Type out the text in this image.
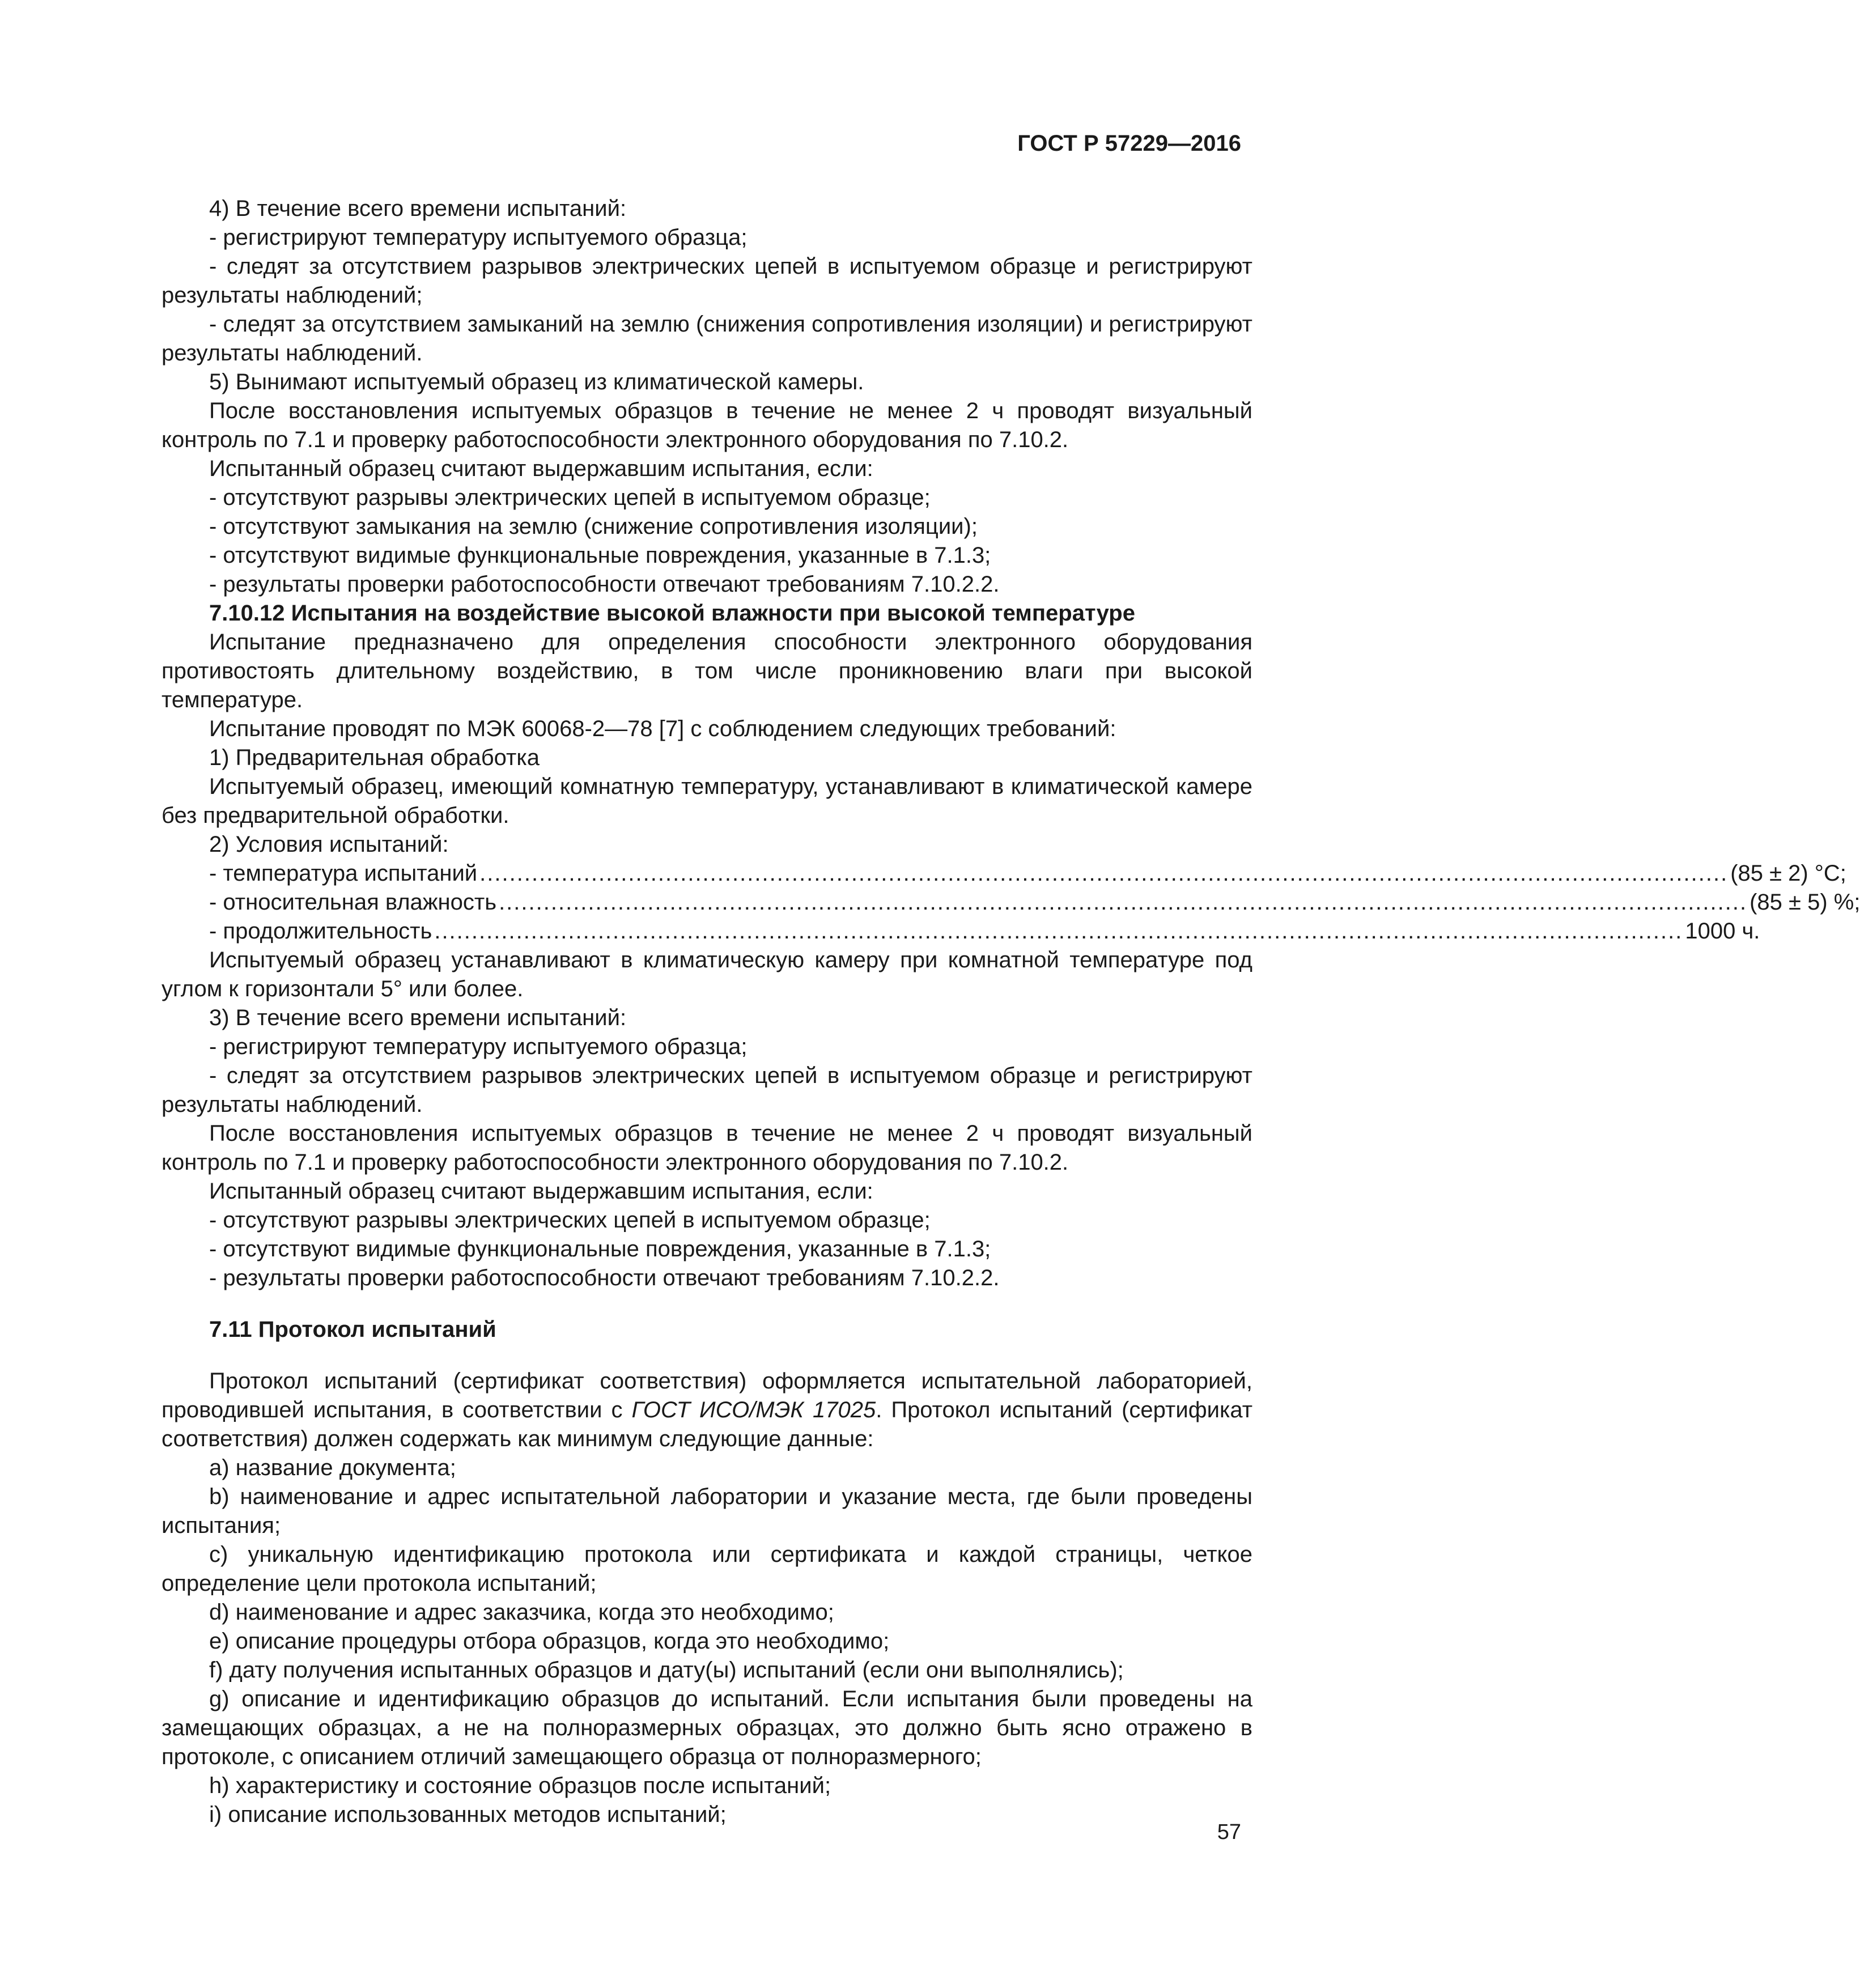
ГОСТ Р 57229—2016

4) В течение всего времени испытаний:

- регистрируют температуру испытуемого образца;

- следят за отсутствием разрывов электрических цепей в испытуемом образце и регистрируют результаты наблюдений;

- следят за отсутствием замыканий на землю (снижения сопротивления изоляции) и регистрируют результаты наблюдений.

5) Вынимают испытуемый образец из климатической камеры.

После восстановления испытуемых образцов в течение не менее 2 ч проводят визуальный контроль по 7.1 и проверку работоспособности электронного оборудования по 7.10.2.

Испытанный образец считают выдержавшим испытания, если:

- отсутствуют разрывы электрических цепей в испытуемом образце;

- отсутствуют замыкания на землю (снижение сопротивления изоляции);

- отсутствуют видимые функциональные повреждения, указанные в 7.1.3;

- результаты проверки работоспособности отвечают требованиям 7.10.2.2.

7.10.12 Испытания на воздействие высокой влажности при высокой температуре

Испытание предназначено для определения способности электронного оборудования противостоять длительному воздействию, в том числе проникновению влаги при высокой температуре.

Испытание проводят по МЭК 60068-2—78 [7] с соблюдением следующих требований:

1) Предварительная обработка

Испытуемый образец, имеющий комнатную температуру, устанавливают в климатической камере без предварительной обработки.

2) Условия испытаний:

- температура испытаний ........................................................................................................................................................................ (85 ± 2) °С;
- относительная влажность ........................................................................................................................................................................ (85 ± 5) %;
- продолжительность ........................................................................................................................................................................ 1000 ч.

Испытуемый образец устанавливают в климатическую камеру при комнатной температуре под углом к горизонтали 5° или более.

3) В течение всего времени испытаний:

- регистрируют температуру испытуемого образца;

- следят за отсутствием разрывов электрических цепей в испытуемом образце и регистрируют результаты наблюдений.

После восстановления испытуемых образцов в течение не менее 2 ч проводят визуальный контроль по 7.1 и проверку работоспособности электронного оборудования по 7.10.2.

Испытанный образец считают выдержавшим испытания, если:

- отсутствуют разрывы электрических цепей в испытуемом образце;

- отсутствуют видимые функциональные повреждения, указанные в 7.1.3;

- результаты проверки работоспособности отвечают требованиям 7.10.2.2.

7.11 Протокол испытаний

Протокол испытаний (сертификат соответствия) оформляется испытательной лабораторией, проводившей испытания, в соответствии с ГОСТ ИСО/МЭК 17025. Протокол испытаний (сертификат соответствия) должен содержать как минимум следующие данные:

а) название документа;

b) наименование и адрес испытательной лаборатории и указание места, где были проведены испытания;

с) уникальную идентификацию протокола или сертификата и каждой страницы, четкое определение цели протокола испытаний;

d) наименование и адрес заказчика, когда это необходимо;

е) описание процедуры отбора образцов, когда это необходимо;

f) дату получения испытанных образцов и дату(ы) испытаний (если они выполнялись);

g) описание и идентификацию образцов до испытаний. Если испытания были проведены на замещающих образцах, а не на полноразмерных образцах, это должно быть ясно отражено в протоколе, с описанием отличий замещающего образца от полноразмерного;

h) характеристику и состояние образцов после испытаний;

i) описание использованных методов испытаний;

57
